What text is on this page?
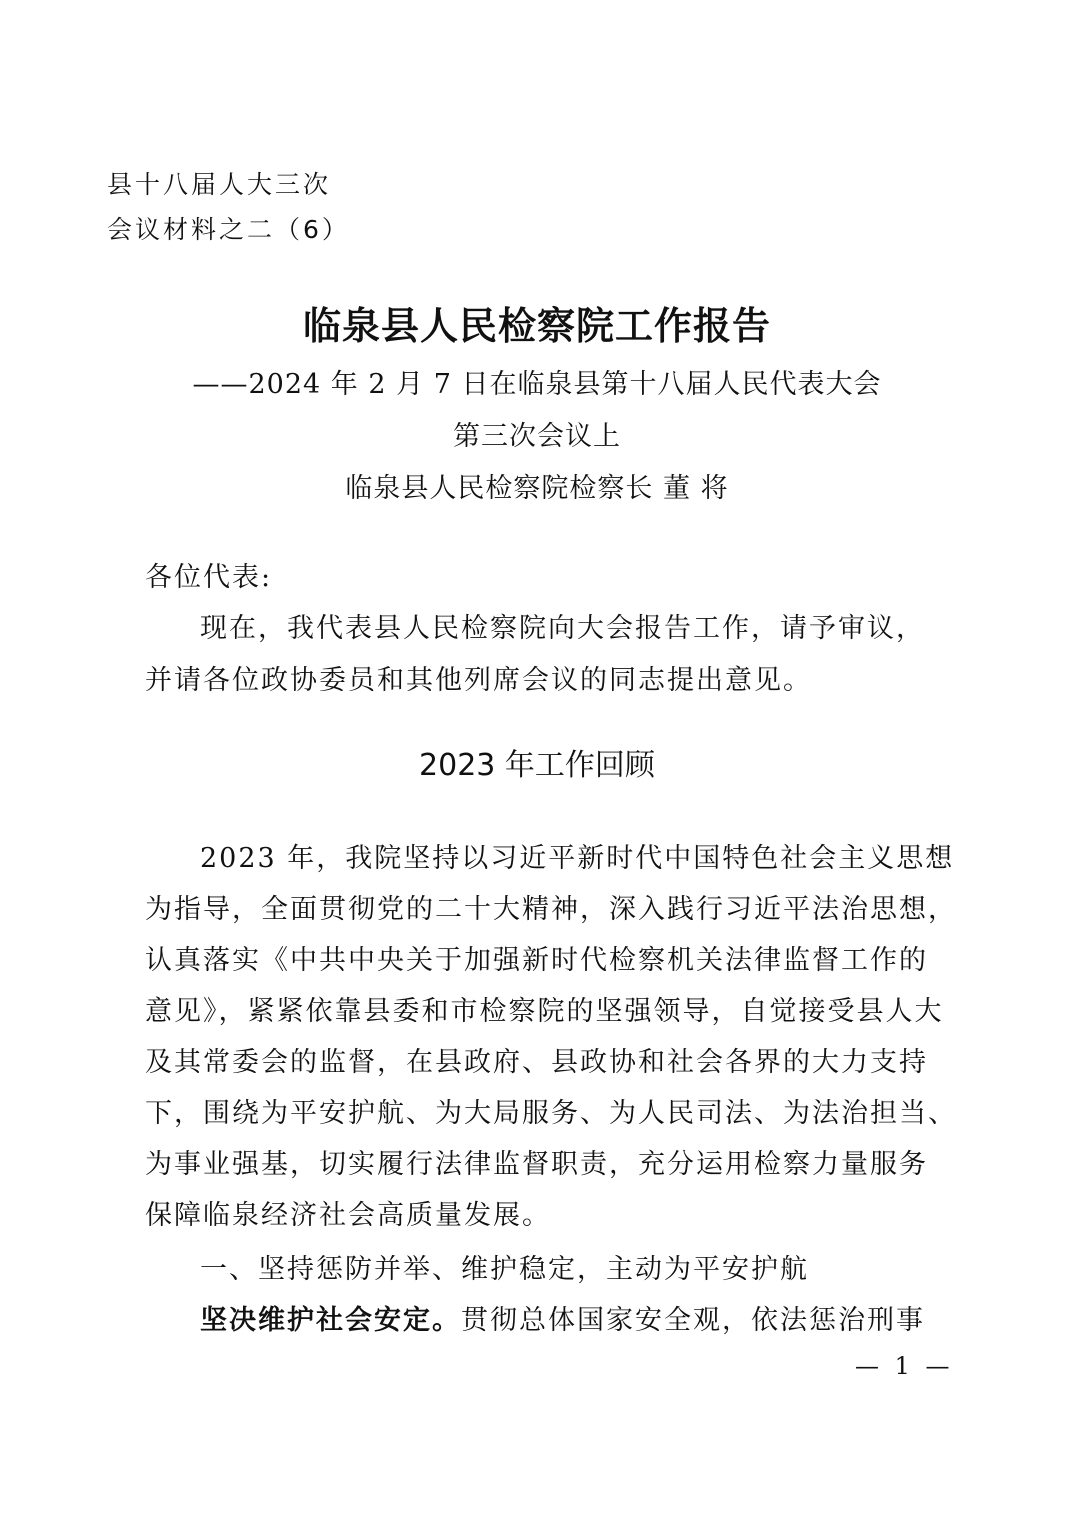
县十八届人大三次
会议材料之二（6）
临泉县人民检察院工作报告
——2024 年 2 月 7 日在临泉县第十八届人民代表大会
第三次会议上
临泉县人民检察院检察长 董 将
各位代表:
现在，我代表县人民检察院向大会报告工作，请予审议，
并请各位政协委员和其他列席会议的同志提出意见。
2023 年工作回顾
2023 年，我院坚持以习近平新时代中国特色社会主义思想
为指导，全面贯彻党的二十大精神，深入践行习近平法治思想，
认真落实《中共中央关于加强新时代检察机关法律监督工作的
意见》，紧紧依靠县委和市检察院的坚强领导，自觉接受县人大
及其常委会的监督，在县政府、县政协和社会各界的大力支持
下，围绕为平安护航、为大局服务、为人民司法、为法治担当、
为事业强基，切实履行法律监督职责，充分运用检察力量服务
保障临泉经济社会高质量发展。
一、坚持惩防并举、维护稳定，主动为平安护航
坚决维护社会安定。贯彻总体国家安全观，依法惩治刑事
— 1 —
